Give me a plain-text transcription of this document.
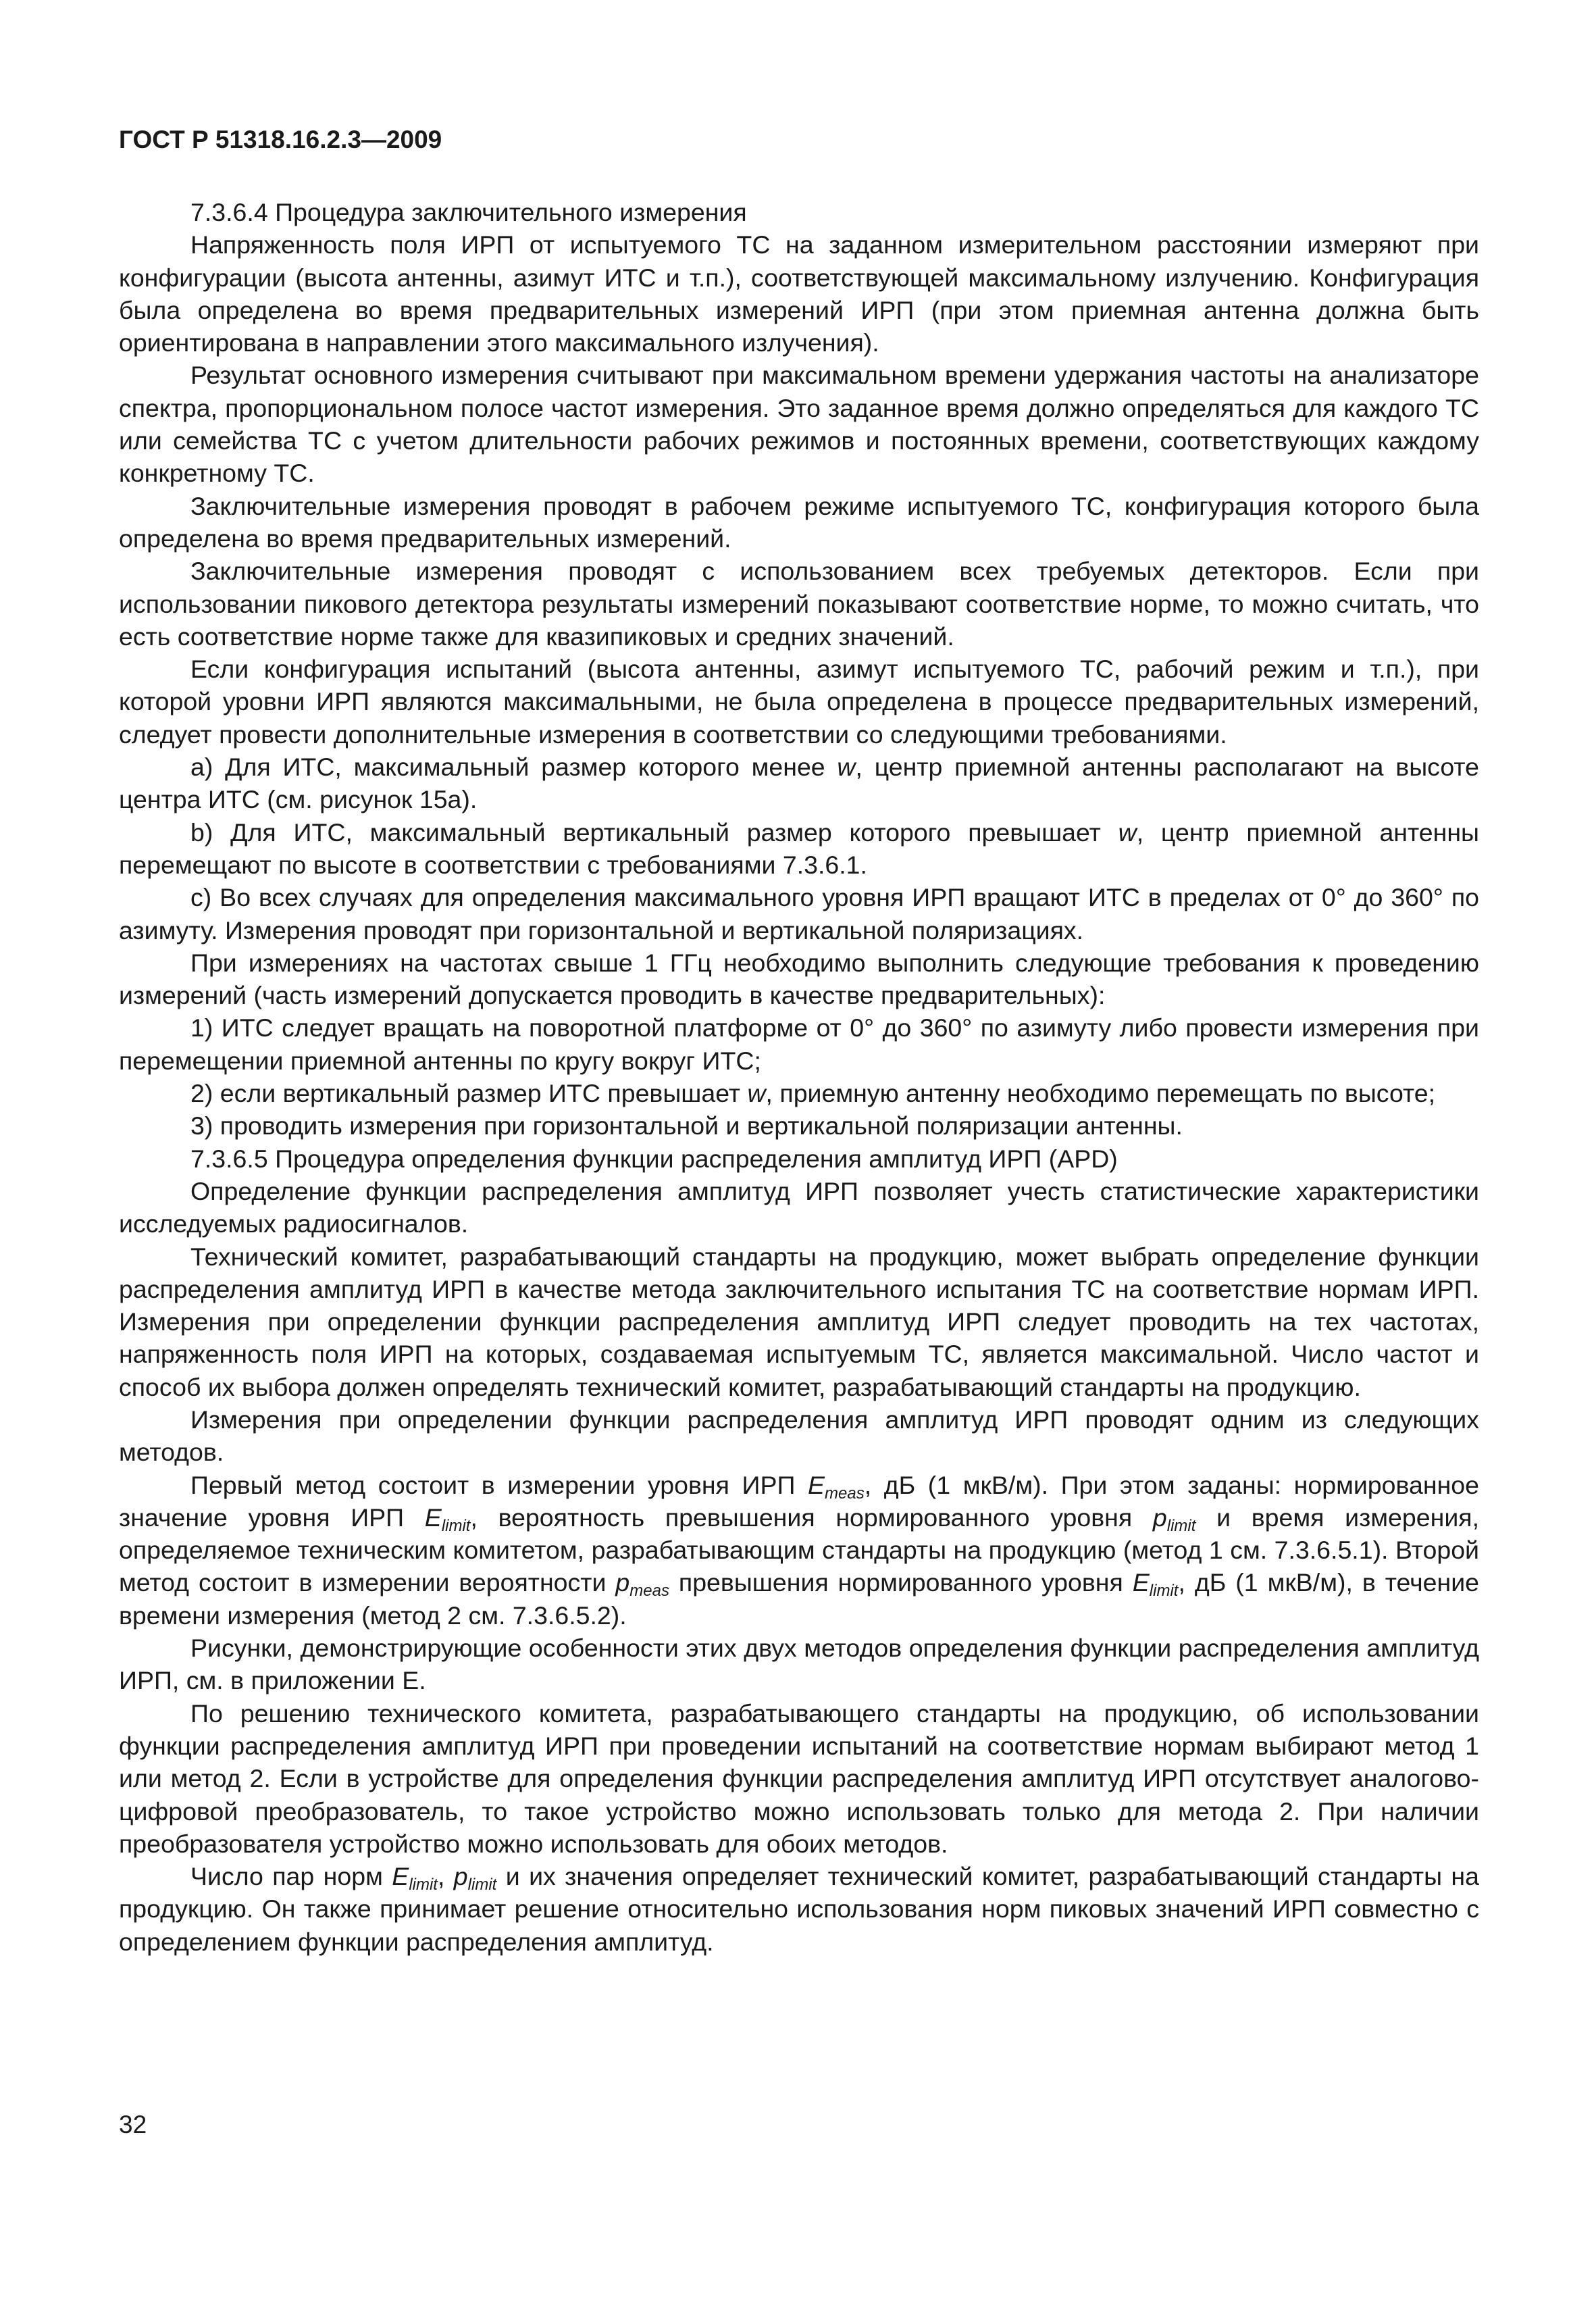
ГОСТ Р 51318.16.2.3—2009

7.3.6.4 Процедура заключительного измерения

Напряженность поля ИРП от испытуемого ТС на заданном измерительном расстоянии измеряют при конфигурации (высота антенны, азимут ИТС и т.п.), соответствующей максимальному излучению. Конфигурация была определена во время предварительных измерений ИРП (при этом приемная антенна должна быть ориентирована в направлении этого максимального излучения).

Результат основного измерения считывают при максимальном времени удержания частоты на анализаторе спектра, пропорциональном полосе частот измерения. Это заданное время должно определяться для каждого ТС или семейства ТС с учетом длительности рабочих режимов и постоянных времени, соответствующих каждому конкретному ТС.

Заключительные измерения проводят в рабочем режиме испытуемого ТС, конфигурация которого была определена во время предварительных измерений.

Заключительные измерения проводят с использованием всех требуемых детекторов. Если при использовании пикового детектора результаты измерений показывают соответствие норме, то можно считать, что есть соответствие норме также для квазипиковых и средних значений.

Если конфигурация испытаний (высота антенны, азимут испытуемого ТС, рабочий режим и т.п.), при которой уровни ИРП являются максимальными, не была определена в процессе предварительных измерений, следует провести дополнительные измерения в соответствии со следующими требованиями.

a) Для ИТС, максимальный размер которого менее w, центр приемной антенны располагают на высоте центра ИТС (см. рисунок 15а).

b) Для ИТС, максимальный вертикальный размер которого превышает w, центр приемной антенны перемещают по высоте в соответствии с требованиями 7.3.6.1.

c) Во всех случаях для определения максимального уровня ИРП вращают ИТС в пределах от 0° до 360° по азимуту. Измерения проводят при горизонтальной и вертикальной поляризациях.

При измерениях на частотах свыше 1 ГГц необходимо выполнить следующие требования к проведению измерений (часть измерений допускается проводить в качестве предварительных):

1) ИТС следует вращать на поворотной платформе от 0° до 360° по азимуту либо провести измерения при перемещении приемной антенны по кругу вокруг ИТС;

2) если вертикальный размер ИТС превышает w, приемную антенну необходимо перемещать по высоте;

3) проводить измерения при горизонтальной и вертикальной поляризации антенны.

7.3.6.5 Процедура определения функции распределения амплитуд ИРП (APD)

Определение функции распределения амплитуд ИРП позволяет учесть статистические характеристики исследуемых радиосигналов.

Технический комитет, разрабатывающий стандарты на продукцию, может выбрать определение функции распределения амплитуд ИРП в качестве метода заключительного испытания ТС на соответствие нормам ИРП. Измерения при определении функции распределения амплитуд ИРП следует проводить на тех частотах, напряженность поля ИРП на которых, создаваемая испытуемым ТС, является максимальной. Число частот и способ их выбора должен определять технический комитет, разрабатывающий стандарты на продукцию.

Измерения при определении функции распределения амплитуд ИРП проводят одним из следующих методов.

Первый метод состоит в измерении уровня ИРП $E_{meas}$, дБ (1 мкВ/м). При этом заданы: нормированное значение уровня ИРП $E_{limit}$, вероятность превышения нормированного уровня $p_{limit}$ и время измерения, определяемое техническим комитетом, разрабатывающим стандарты на продукцию (метод 1 см. 7.3.6.5.1). Второй метод состоит в измерении вероятности $p_{meas}$ превышения нормированного уровня $E_{limit}$, дБ (1 мкВ/м), в течение времени измерения (метод 2 см. 7.3.6.5.2).

Рисунки, демонстрирующие особенности этих двух методов определения функции распределения амплитуд ИРП, см. в приложении Е.

По решению технического комитета, разрабатывающего стандарты на продукцию, об использовании функции распределения амплитуд ИРП при проведении испытаний на соответствие нормам выбирают метод 1 или метод 2. Если в устройстве для определения функции распределения амплитуд ИРП отсутствует аналогово-цифровой преобразователь, то такое устройство можно использовать только для метода 2. При наличии преобразователя устройство можно использовать для обоих методов.

Число пар норм $E_{limit}$, $p_{limit}$ и их значения определяет технический комитет, разрабатывающий стандарты на продукцию. Он также принимает решение относительно использования норм пиковых значений ИРП совместно с определением функции распределения амплитуд.

32
